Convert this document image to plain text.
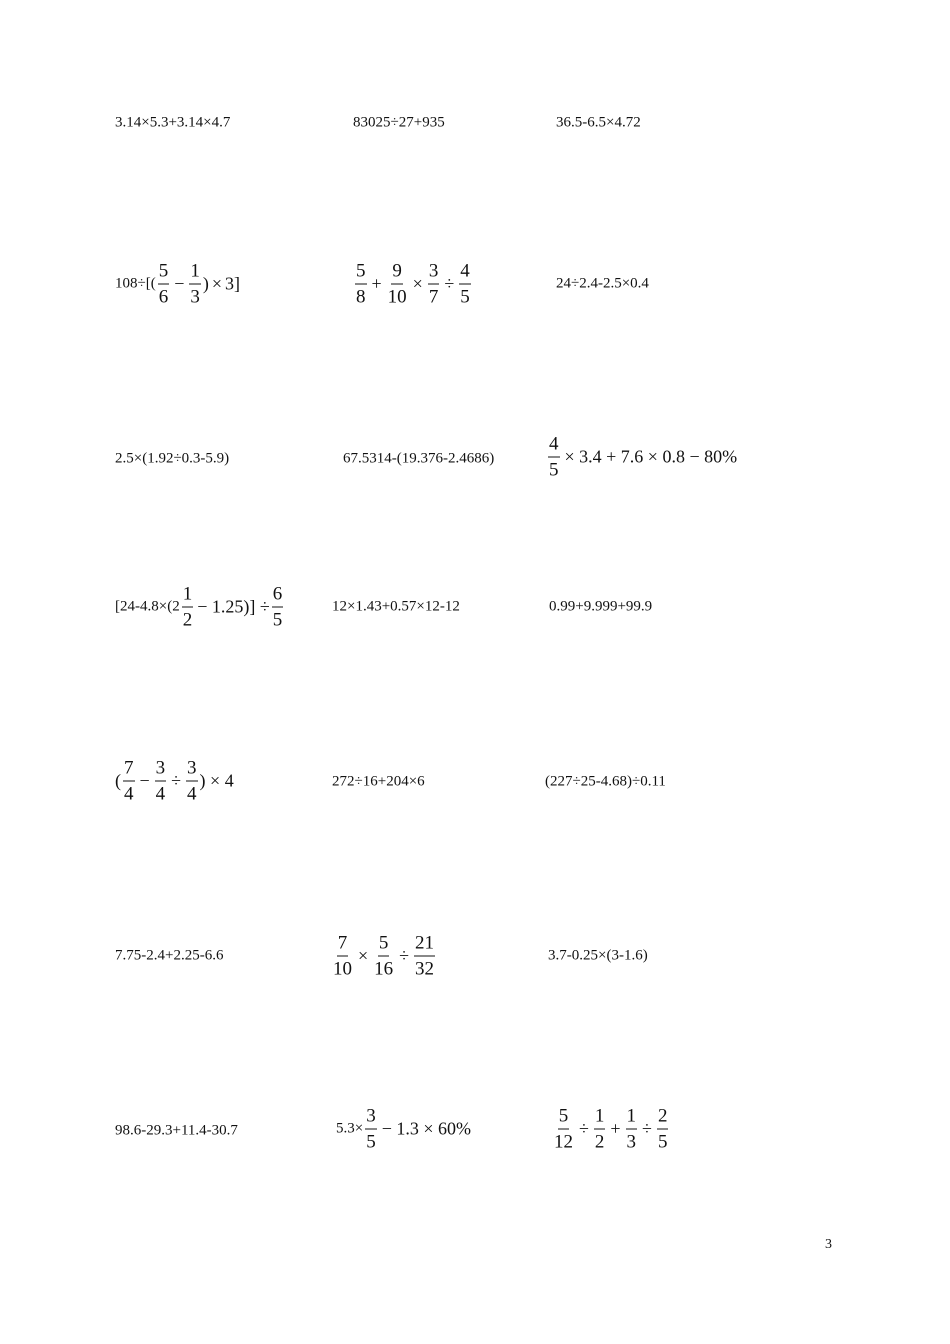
3.14×5.3+3.14×4.7	83025÷27+935	36.5-6.5×4.72
$108\div[( \frac{5}{6} - \frac{1}{3}$ ) × 3]	$\frac{5}{8} + \frac{9}{10} \times \frac{3}{7} \div \frac{4}{5}$	24÷2.4-2.5×0.4
2.5×(1.92÷0.3-5.9)	67.5314-(19.376-2.4686)	$\frac{4}{5} \times 3.4 + 7.6 \times 0.8 - 80\%$
$[24-4.8\times(2 \frac{1}{2} - 1.25)] \div \frac{6}{5}$	12×1.43+0.57×12-12	0.99+9.999+99.9
( $\frac{7}{4} - \frac{3}{4} \div \frac{3}{4}$ ) × 4	272÷16+204×6	(227÷25-4.68)÷0.11
7.75-2.4+2.25-6.6	$\frac{7}{10} \times \frac{5}{16} \div \frac{21}{32}$	3.7-0.25×(3-1.6)
98.6-29.3+11.4-30.7	$5.3\times \frac{3}{5} - 1.3 \times 60\%$	$\frac{5}{12} \div \frac{1}{2} + \frac{1}{3} \div \frac{2}{5}$
3
